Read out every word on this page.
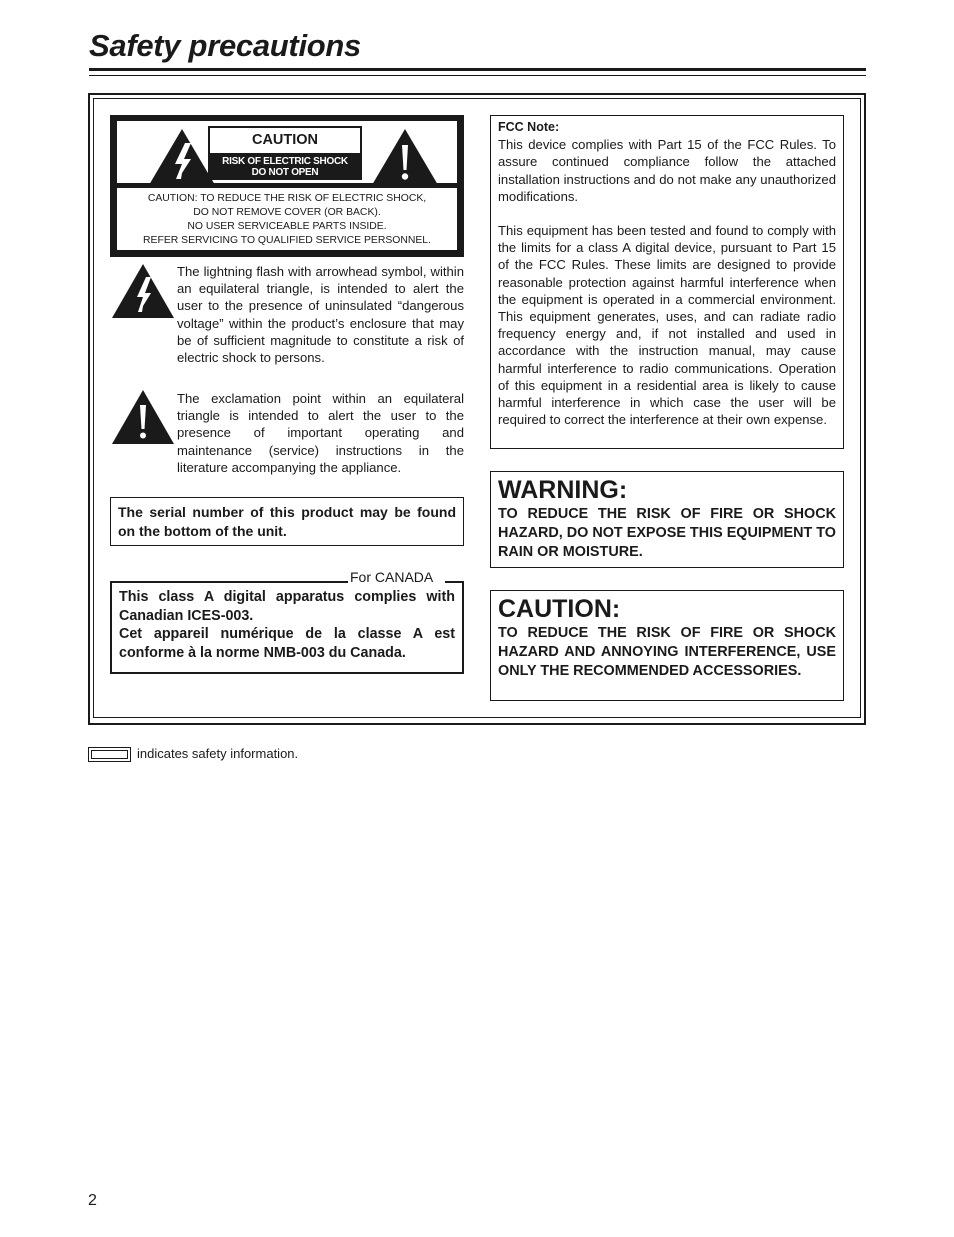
Safety precautions
CAUTION
RISK OF ELECTRIC SHOCK
DO NOT OPEN
CAUTION: TO REDUCE THE RISK OF ELECTRIC SHOCK,
DO NOT REMOVE COVER (OR BACK).
NO USER SERVICEABLE PARTS INSIDE.
REFER SERVICING TO QUALIFIED SERVICE PERSONNEL.
The lightning flash with arrowhead symbol, within an equilateral triangle, is intended to alert the user to the presence of uninsulated “dangerous voltage” within the product’s enclosure that may be of sufficient magnitude to constitute a risk of electric shock to persons.
The exclamation point within an equilateral triangle is intended to alert the user to the presence of important operating and maintenance (service) instructions in the literature accompanying the appliance.
The serial number of this product may be found on the bottom of the unit.

This class A digital apparatus complies with Canadian ICES-003.

Cet appareil numérique de la classe A est conforme à la norme NMB-003 du Canada.

For CANADA

FCC Note:

This device complies with Part 15 of the FCC Rules. To assure continued compliance follow the attached installation instructions and do not make any unauthorized modifications.

This equipment has been tested and found to comply with the limits for a class A digital device, pursuant to Part 15 of the FCC Rules. These limits are designed to provide reasonable protection against harmful interference when the equipment is operated in a commercial environment. This equipment generates, uses, and can radiate radio frequency energy and, if not installed and used in accordance with the instruction manual, may cause harmful interference to radio communications. Operation of this equipment in a residential area is likely to cause harmful interference in which case the user will be required to correct the interference at their own expense.

WARNING:

TO REDUCE THE RISK OF FIRE OR SHOCK HAZARD, DO NOT EXPOSE THIS EQUIPMENT TO RAIN OR MOISTURE.

CAUTION:

TO REDUCE THE RISK OF FIRE OR SHOCK HAZARD AND ANNOYING INTERFERENCE, USE ONLY THE RECOMMENDED ACCESSORIES.

indicates safety information.
2
